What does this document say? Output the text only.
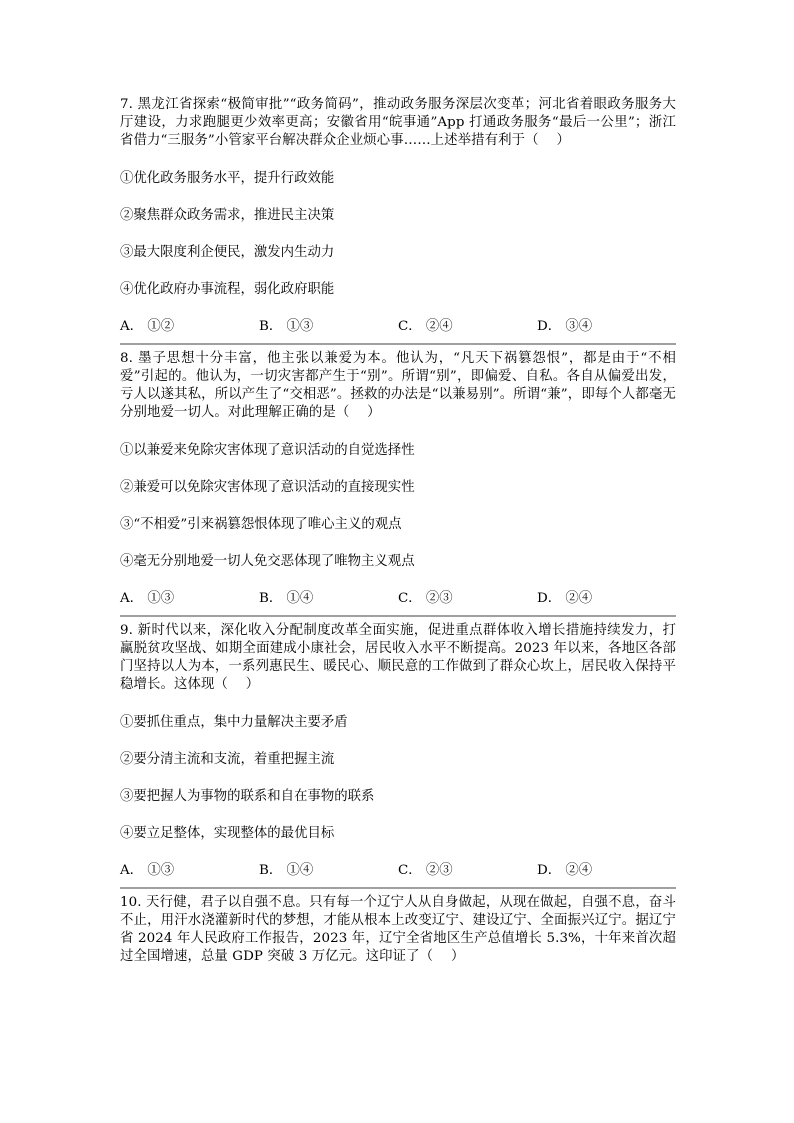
7. 黑龙江省探索“极简审批”“政务简码”，推动政务服务深层次变革；河北省着眼政务服务大厅建设，力求跑腿更少效率更高；安徽省用“皖事通”App 打通政务服务“最后一公里”；浙江省借力“三服务”小管家平台解决群众企业烦心事……上述举措有利于（　 ）

①优化政务服务水平，提升行政效能

②聚焦群众政务需求，推进民主决策

③最大限度利企便民，激发内生动力

④优化政府办事流程，弱化政府职能

A． ①②	B． ①③	C． ②④	D． ③④

8. 墨子思想十分丰富，他主张以兼爱为本。他认为，“凡天下祸篡怨恨”，都是由于“不相爱”引起的。他认为，一切灾害都产生于“别”。所谓“别”，即偏爱、自私。各自从偏爱出发，亏人以遂其私，所以产生了“交相恶”。拯救的办法是“以兼易别”。所谓“兼”，即每个人都毫无分别地爱一切人。对此理解正确的是（　 ）

①以兼爱来免除灾害体现了意识活动的自觉选择性

②兼爱可以免除灾害体现了意识活动的直接现实性

③“不相爱”引来祸篡怨恨体现了唯心主义的观点

④毫无分别地爱一切人免交恶体现了唯物主义观点

A． ①③	B． ①④	C． ②③	D． ②④

9. 新时代以来，深化收入分配制度改革全面实施，促进重点群体收入增长措施持续发力，打赢脱贫攻坚战、如期全面建成小康社会，居民收入水平不断提高。2023 年以来，各地区各部门坚持以人为本，一系列惠民生、暖民心、顺民意的工作做到了群众心坎上，居民收入保持平稳增长。这体现（　 ）

①要抓住重点，集中力量解决主要矛盾

②要分清主流和支流，着重把握主流

③要把握人为事物的联系和自在事物的联系

④要立足整体，实现整体的最优目标

A． ①③	B． ①④	C． ②③	D． ②④

10. 天行健，君子以自强不息。只有每一个辽宁人从自身做起，从现在做起，自强不息，奋斗不止，用汗水浇灌新时代的梦想，才能从根本上改变辽宁、建设辽宁、全面振兴辽宁。据辽宁省 2024 年人民政府工作报告，2023 年，辽宁全省地区生产总值增长 5.3%，十年来首次超过全国增速，总量 GDP 突破 3 万亿元。这印证了（　 ）
